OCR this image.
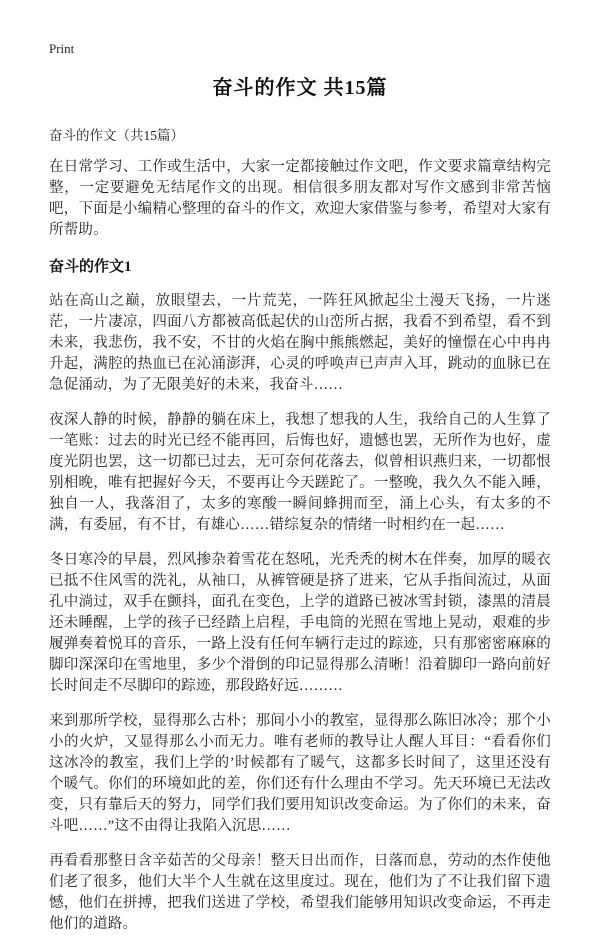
Print
奋斗的作文 共15篇
奋斗的作文（共15篇）

在日常学习、工作或生活中，大家一定都接触过作文吧，作文要求篇章结构完整，一定要避免无结尾作文的出现。相信很多朋友都对写作文感到非常苦恼吧，下面是小编精心整理的奋斗的作文，欢迎大家借鉴与参考，希望对大家有所帮助。

奋斗的作文1

站在高山之巅，放眼望去，一片荒芜，一阵狂风掀起尘土漫天飞扬，一片迷茫，一片凄凉，四面八方都被高低起伏的山峦所占据，我看不到希望，看不到未来，我悲伤，我不安，不甘的火焰在胸中熊熊燃起，美好的憧憬在心中冉冉升起，满腔的热血已在沁涌澎湃，心灵的呼唤声已声声入耳，跳动的血脉已在急促涌动，为了无限美好的未来，我奋斗……

夜深人静的时候，静静的躺在床上，我想了想我的人生，我给自己的人生算了一笔账：过去的时光已经不能再回，后悔也好，遗憾也罢，无所作为也好，虚度光阴也罢，这一切都已过去，无可奈何花落去，似曾相识燕归来，一切都恨别相晚，唯有把握好今天，不要再让今天蹉跎了。一整晚，我久久不能入睡，独自一人，我落泪了，太多的寒酸一瞬间蜂拥而至，涌上心头，有太多的不满，有委屈，有不甘，有雄心……错综复杂的情绪一时相约在一起……

冬日寒冷的早晨，烈风掺杂着雪花在怒吼，光秃秃的树木在伴奏，加厚的暖衣已抵不住风雪的洗礼，从袖口，从裤管硬是挤了进来，它从手指间流过，从面孔中淌过，双手在颤抖，面孔在变色，上学的道路已被冰雪封锁，漆黑的清晨还未睡醒，上学的孩子已经踏上启程，手电筒的光照在雪地上晃动，艰难的步履弹奏着悦耳的音乐，一路上没有任何车辆行走过的踪迹，只有那密密麻麻的脚印深深印在雪地里，多少个滑倒的印记显得那么清晰！沿着脚印一路向前好长时间走不尽脚印的踪迹，那段路好远………

来到那所学校，显得那么古朴；那间小小的教室，显得那么陈旧冰冷；那个小小的火炉，又显得那么小而无力。唯有老师的教导让人醒人耳目：“看看你们这冰冷的教室，我们上学的’时候都有了暖气，这都多长时间了，这里还没有个暖气。你们的环境如此的差，你们还有什么理由不学习。先天环境已无法改变，只有靠后天的努力，同学们我们要用知识改变命运。为了你们的未来，奋斗吧……”这不由得让我陷入沉思……

再看看那整日含辛茹苦的父母亲！整天日出而作，日落而息，劳动的杰作使他们老了很多，他们大半个人生就在这里度过。现在，他们为了不让我们留下遗憾，他们在拼搏，把我们送进了学校，希望我们能够用知识改变命运，不再走他们的道路。
